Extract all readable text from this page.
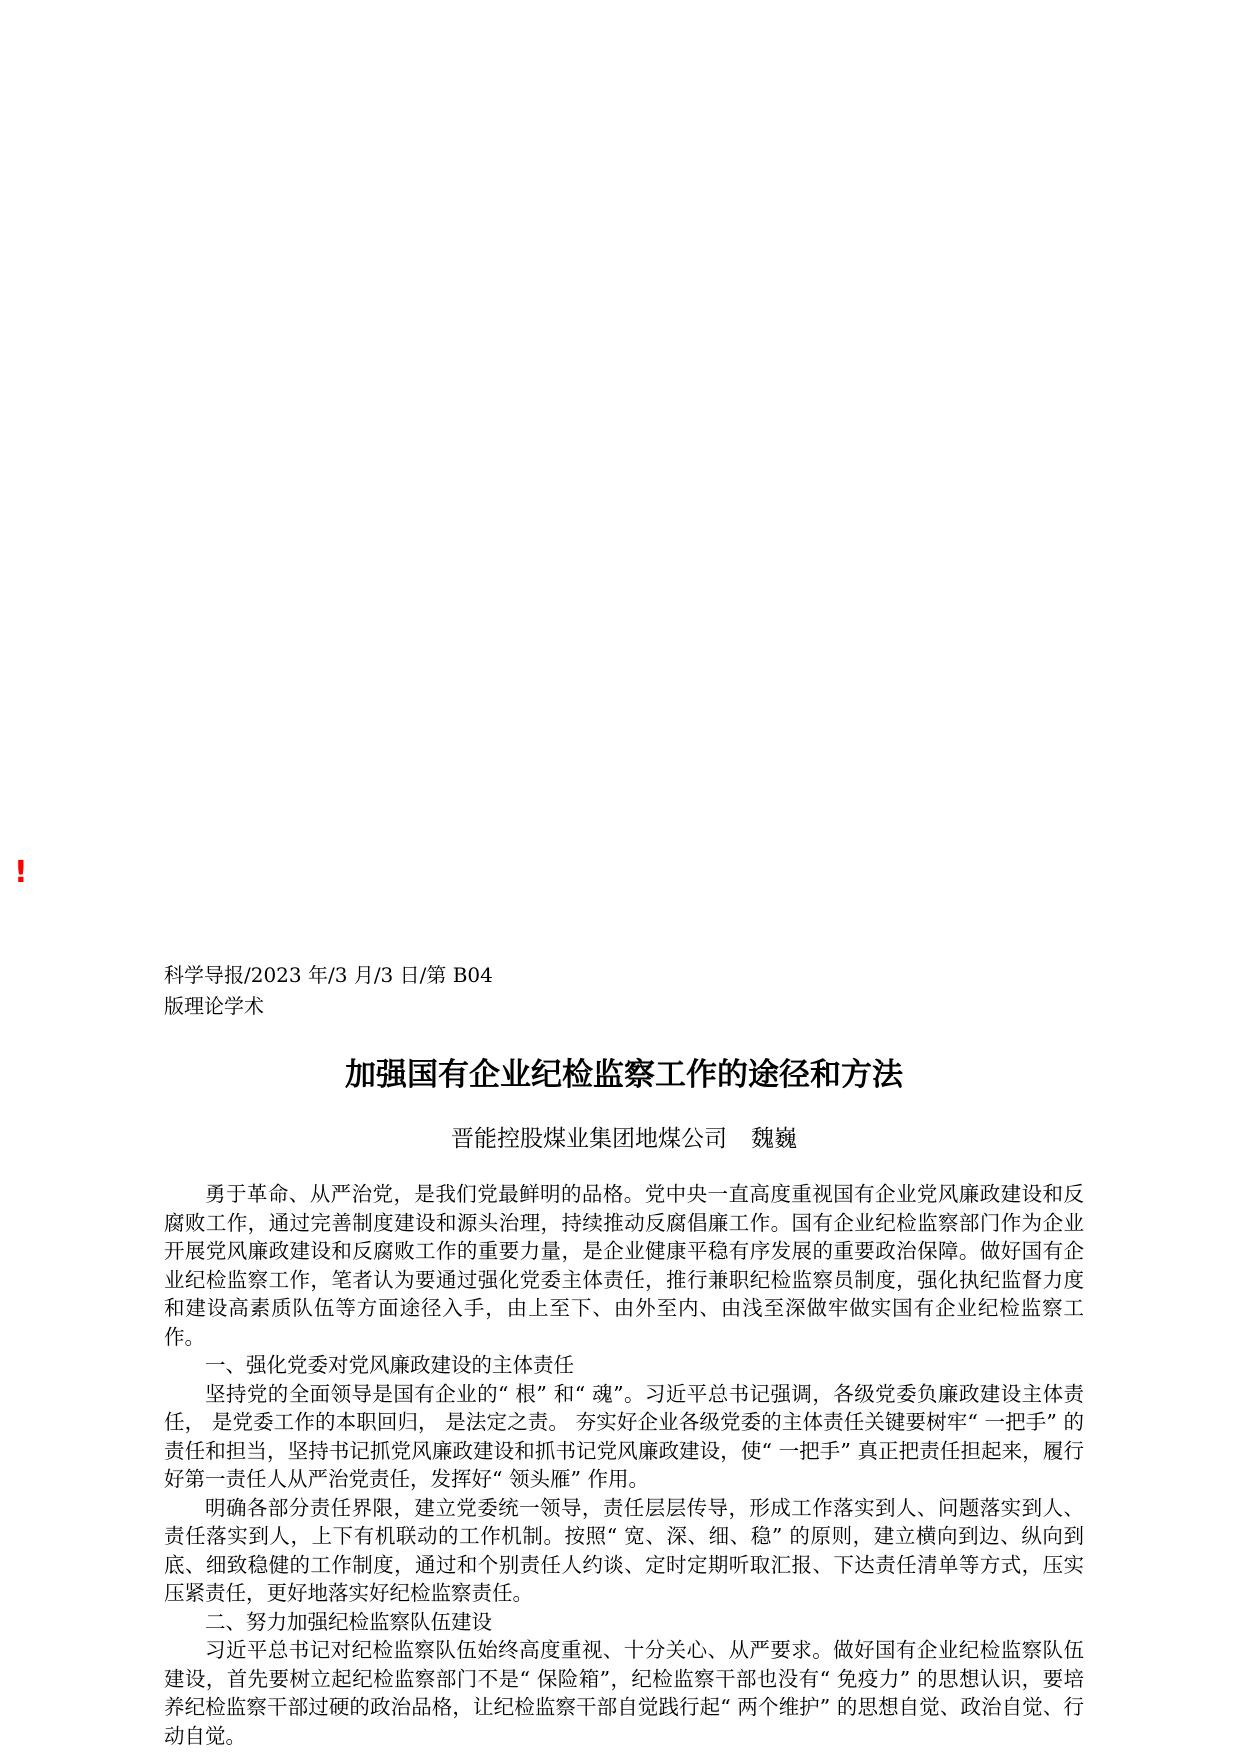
!
科学导报/2023 年/3 月/3 日/第 B04
版理论学术
加强国有企业纪检监察工作的途径和方法
晋能控股煤业集团地煤公司 魏巍

勇于革命、从严治党，是我们党最鲜明的品格。党中央一直高度重视国有企业党风廉政建设和反腐败工作，通过完善制度建设和源头治理，持续推动反腐倡廉工作。国有企业纪检监察部门作为企业开展党风廉政建设和反腐败工作的重要力量，是企业健康平稳有序发展的重要政治保障。做好国有企业纪检监察工作，笔者认为要通过强化党委主体责任，推行兼职纪检监察员制度，强化执纪监督力度和建设高素质队伍等方面途径入手，由上至下、由外至内、由浅至深做牢做实国有企业纪检监察工作。

一、强化党委对党风廉政建设的主体责任

坚持党的全面领导是国有企业的“ 根” 和“ 魂”。习近平总书记强调，各级党委负廉政建设主体责任， 是党委工作的本职回归， 是法定之责。 夯实好企业各级党委的主体责任关键要树牢“ 一把手” 的责任和担当，坚持书记抓党风廉政建设和抓书记党风廉政建设，使“ 一把手” 真正把责任担起来，履行好第一责任人从严治党责任，发挥好“ 领头雁” 作用。

明确各部分责任界限，建立党委统一领导，责任层层传导，形成工作落实到人、问题落实到人、责任落实到人，上下有机联动的工作机制。按照“ 宽、深、细、稳” 的原则，建立横向到边、纵向到底、细致稳健的工作制度，通过和个别责任人约谈、定时定期听取汇报、下达责任清单等方式，压实压紧责任，更好地落实好纪检监察责任。

二、努力加强纪检监察队伍建设

习近平总书记对纪检监察队伍始终高度重视、十分关心、从严要求。做好国有企业纪检监察队伍建设，首先要树立起纪检监察部门不是“ 保险箱”，纪检监察干部也没有“ 免疫力” 的思想认识，要培养纪检监察干部过硬的政治品格，让纪检监察干部自觉践行起“ 两个维护” 的思想自觉、政治自觉、行动自觉。
